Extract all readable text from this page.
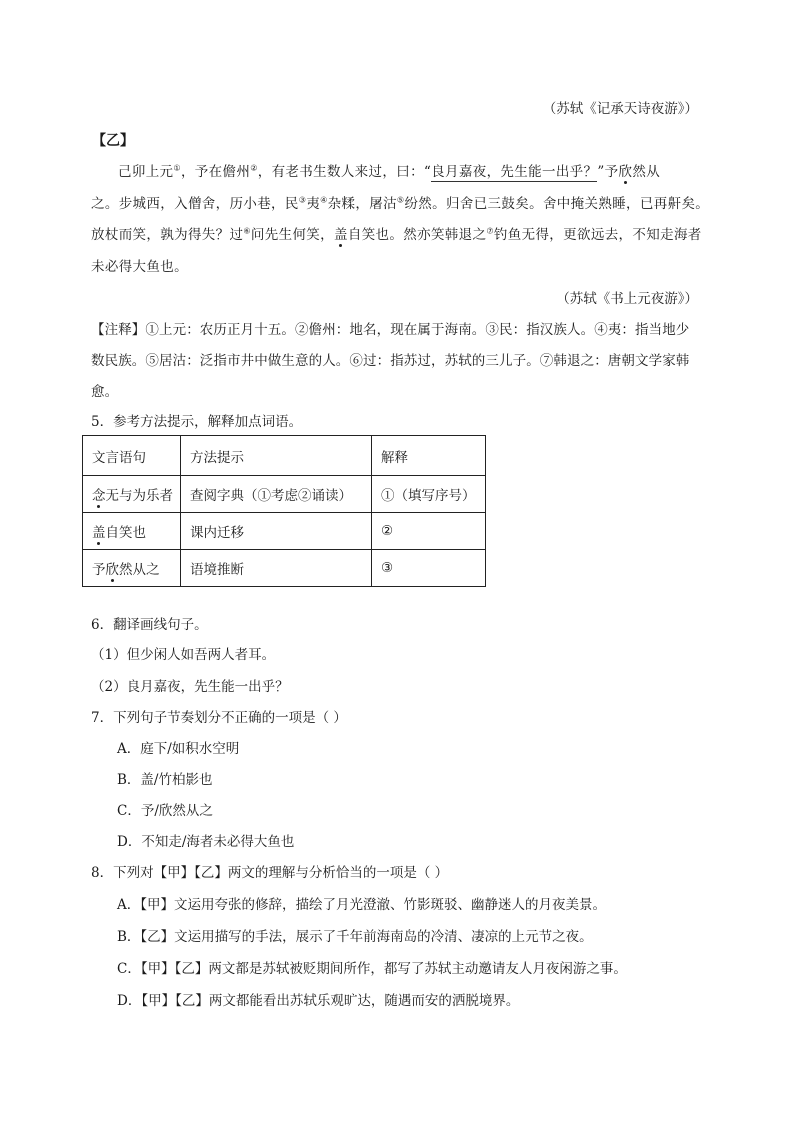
（苏轼《记承天诗夜游》）
【乙】
己卯上元①，予在儋州②，有老书生数人来过，曰：“良月嘉夜，先生能一出乎？”予欣然从
之。步城西，入僧舍，历小巷，民③夷④杂糅，屠沽⑤纷然。归舍已三鼓矣。舍中掩关熟睡，已再鼾矣。
放杖而笑，孰为得失？过⑥问先生何笑，盖自笑也。然亦笑韩退之⑦钓鱼无得，更欲远去，不知走海者
未必得大鱼也。
（苏轼《书上元夜游》）
【注释】①上元：农历正月十五。②儋州：地名，现在属于海南。③民：指汉族人。④夷：指当地少
数民族。⑤居沽：泛指市井中做生意的人。⑥过：指苏过，苏轼的三儿子。⑦韩退之：唐朝文学家韩
愈。
5．参考方法提示，解释加点词语。
文言语句	方法提示	解释
念无与为乐者	查阅字典（①考虑②诵读）	①（填写序号）
盖自笑也	课内迁移	②
予欣然从之	语境推断	③
6．翻译画线句子。
（1）但少闲人如吾两人者耳。
（2）良月嘉夜，先生能一出乎？
7．下列句子节奏划分不正确的一项是（ ）
A．庭下/如积水空明
B．盖/竹柏影也
C．予/欣然从之
D．不知走/海者未必得大鱼也
8．下列对【甲】【乙】两文的理解与分析恰当的一项是（ ）
A．【甲】文运用夸张的修辞，描绘了月光澄澈、竹影斑驳、幽静迷人的月夜美景。
B．【乙】文运用描写的手法，展示了千年前海南岛的冷清、凄凉的上元节之夜。
C．【甲】【乙】两文都是苏轼被贬期间所作，都写了苏轼主动邀请友人月夜闲游之事。
D．【甲】【乙】两文都能看出苏轼乐观旷达，随遇而安的洒脱境界。
